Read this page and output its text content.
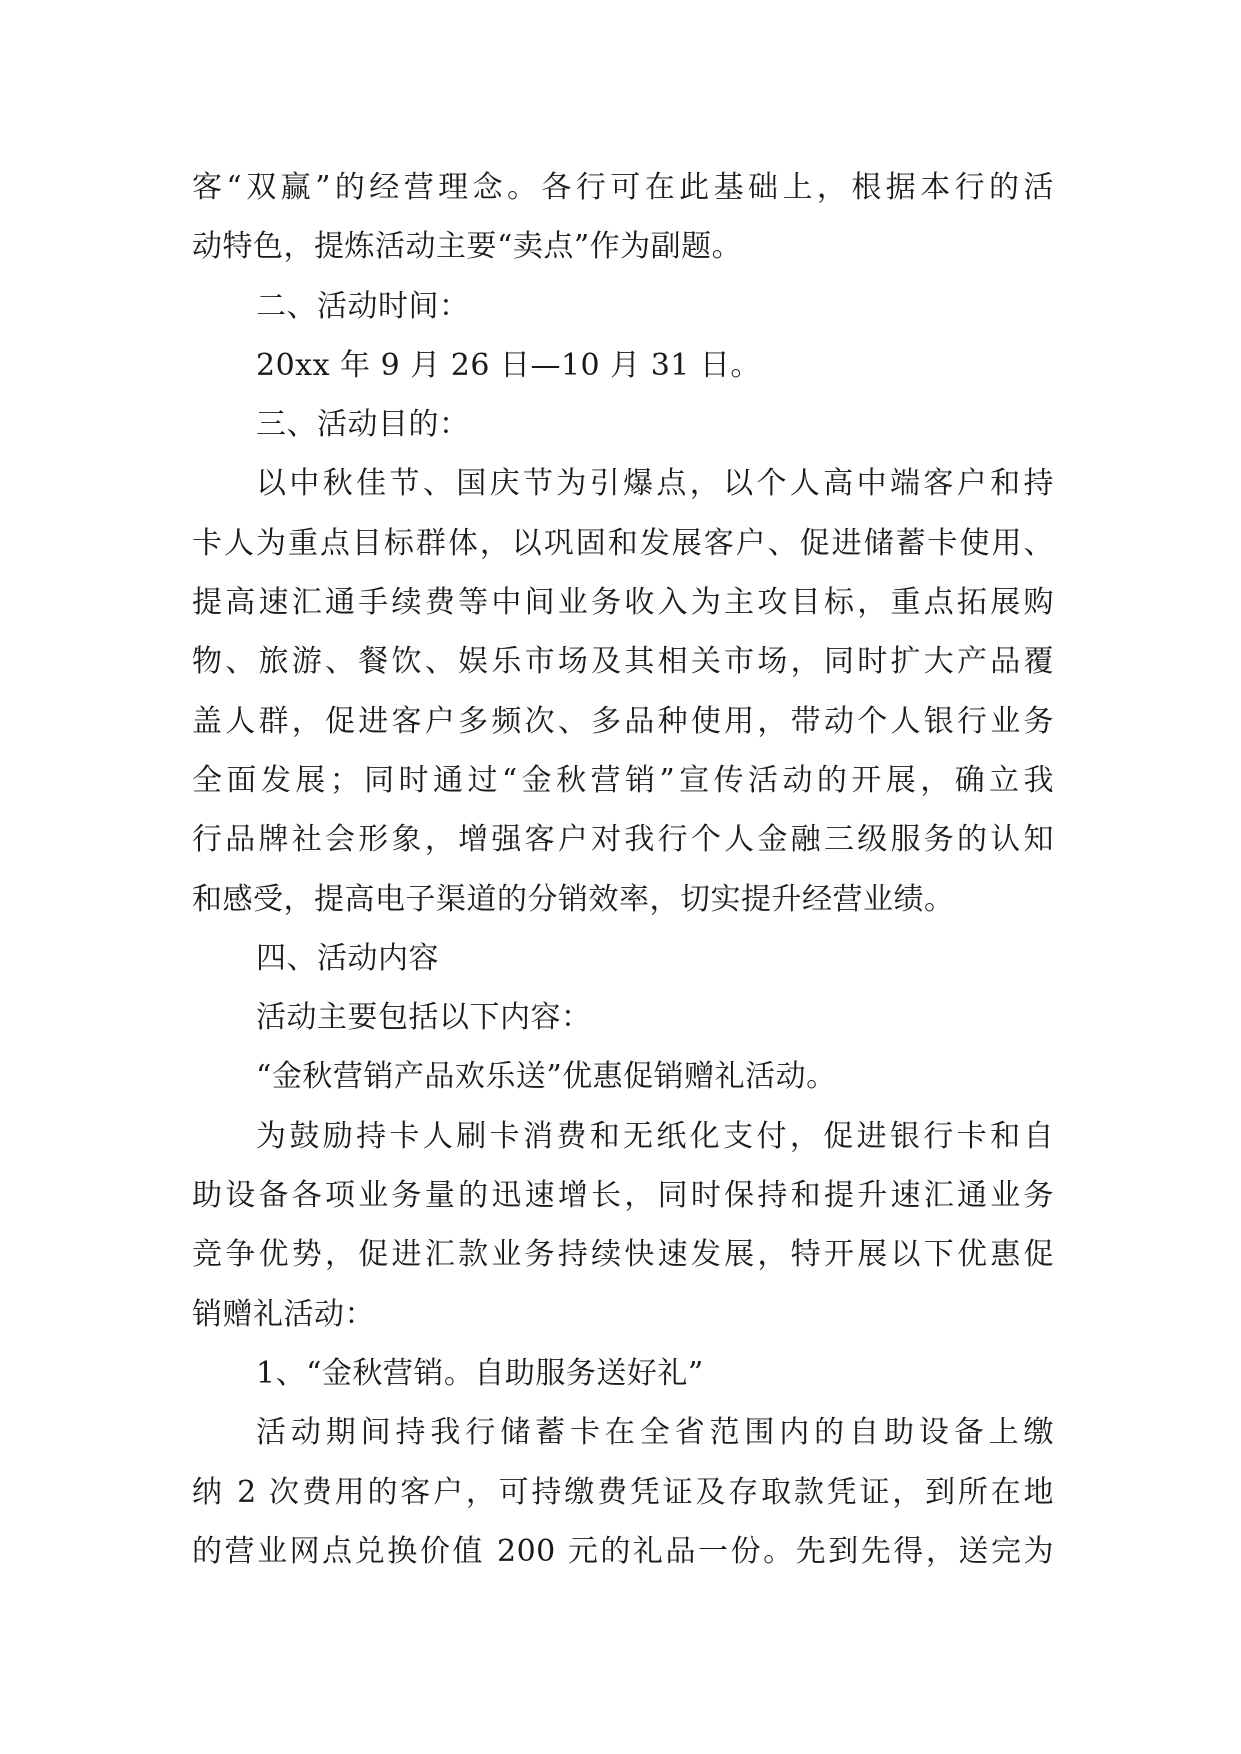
客“双赢”的经营理念。各行可在此基础上，根据本行的活
动特色，提炼活动主要“卖点”作为副题。
二、活动时间：
20xx 年 9 月 26 日—10 月 31 日。
三、活动目的：
以中秋佳节、国庆节为引爆点，以个人高中端客户和持
卡人为重点目标群体，以巩固和发展客户、促进储蓄卡使用、
提高速汇通手续费等中间业务收入为主攻目标，重点拓展购
物、旅游、餐饮、娱乐市场及其相关市场，同时扩大产品覆
盖人群，促进客户多频次、多品种使用，带动个人银行业务
全面发展；同时通过“金秋营销”宣传活动的开展，确立我
行品牌社会形象，增强客户对我行个人金融三级服务的认知
和感受，提高电子渠道的分销效率，切实提升经营业绩。
四、活动内容
活动主要包括以下内容：
“金秋营销产品欢乐送”优惠促销赠礼活动。
为鼓励持卡人刷卡消费和无纸化支付，促进银行卡和自
助设备各项业务量的迅速增长，同时保持和提升速汇通业务
竞争优势，促进汇款业务持续快速发展，特开展以下优惠促
销赠礼活动：
1、“金秋营销。自助服务送好礼”
活动期间持我行储蓄卡在全省范围内的自助设备上缴
纳 2 次费用的客户，可持缴费凭证及存取款凭证，到所在地
的营业网点兑换价值 200 元的礼品一份。先到先得，送完为
